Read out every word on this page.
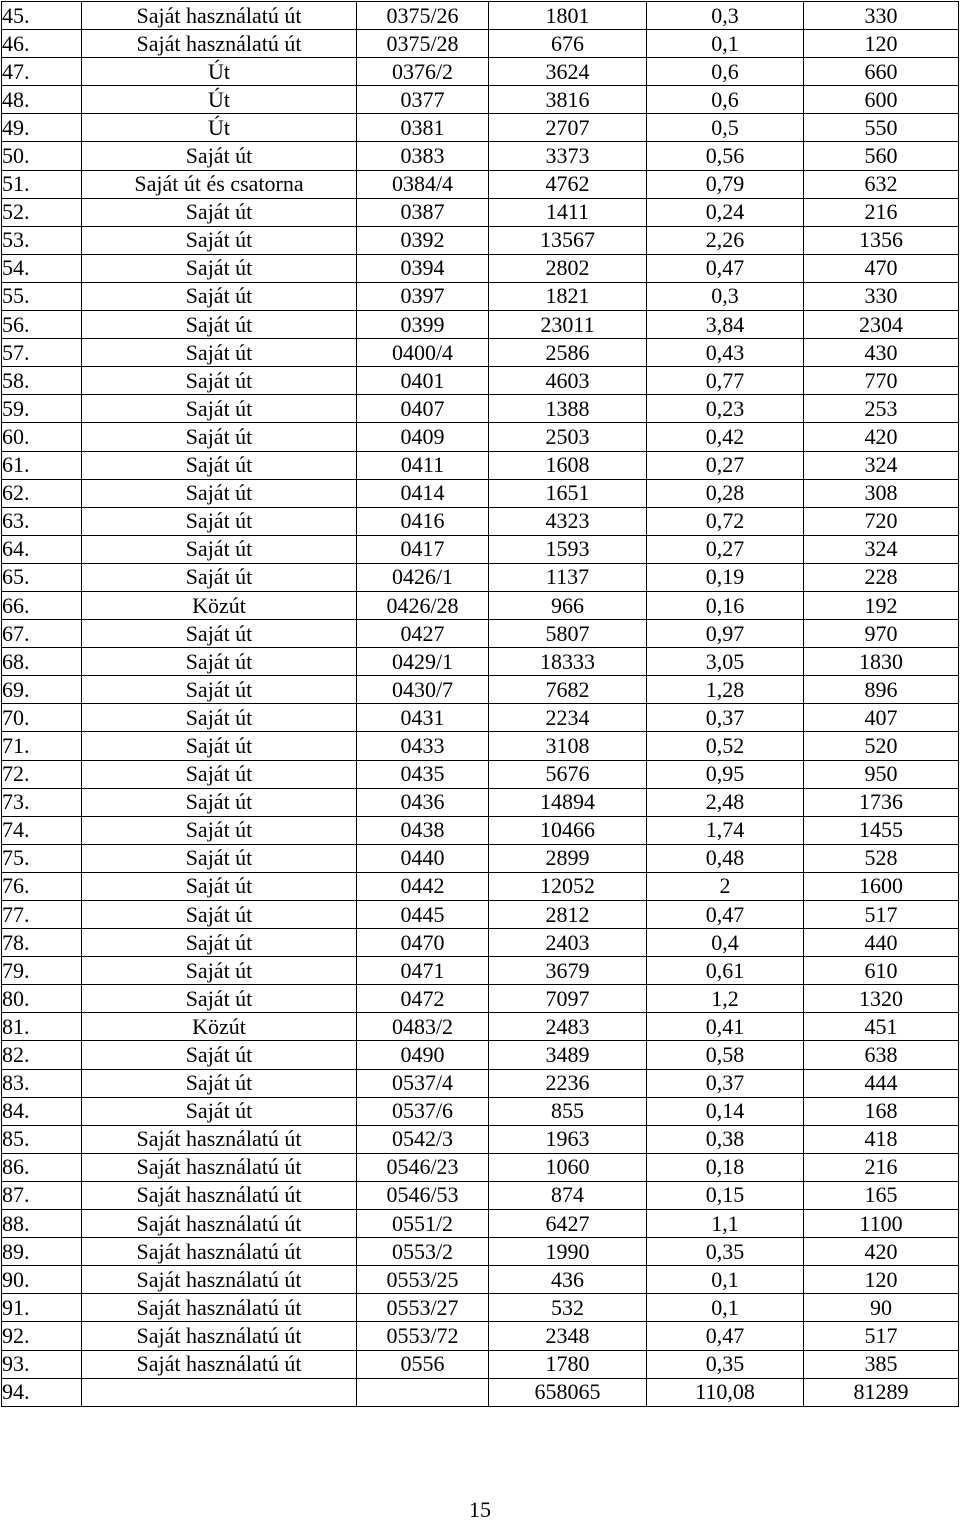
45.	Saját használatú út	0375/26	1801	0,3	330
46.	Saját használatú út	0375/28	676	0,1	120
47.	Út	0376/2	3624	0,6	660
48.	Út	0377	3816	0,6	600
49.	Út	0381	2707	0,5	550
50.	Saját út	0383	3373	0,56	560
51.	Saját út és csatorna	0384/4	4762	0,79	632
52.	Saját út	0387	1411	0,24	216
53.	Saját út	0392	13567	2,26	1356
54.	Saját út	0394	2802	0,47	470
55.	Saját út	0397	1821	0,3	330
56.	Saját út	0399	23011	3,84	2304
57.	Saját út	0400/4	2586	0,43	430
58.	Saját út	0401	4603	0,77	770
59.	Saját út	0407	1388	0,23	253
60.	Saját út	0409	2503	0,42	420
61.	Saját út	0411	1608	0,27	324
62.	Saját út	0414	1651	0,28	308
63.	Saját út	0416	4323	0,72	720
64.	Saját út	0417	1593	0,27	324
65.	Saját út	0426/1	1137	0,19	228
66.	Közút	0426/28	966	0,16	192
67.	Saját út	0427	5807	0,97	970
68.	Saját út	0429/1	18333	3,05	1830
69.	Saját út	0430/7	7682	1,28	896
70.	Saját út	0431	2234	0,37	407
71.	Saját út	0433	3108	0,52	520
72.	Saját út	0435	5676	0,95	950
73.	Saját út	0436	14894	2,48	1736
74.	Saját út	0438	10466	1,74	1455
75.	Saját út	0440	2899	0,48	528
76.	Saját út	0442	12052	2	1600
77.	Saját út	0445	2812	0,47	517
78.	Saját út	0470	2403	0,4	440
79.	Saját út	0471	3679	0,61	610
80.	Saját út	0472	7097	1,2	1320
81.	Közút	0483/2	2483	0,41	451
82.	Saját út	0490	3489	0,58	638
83.	Saját út	0537/4	2236	0,37	444
84.	Saját út	0537/6	855	0,14	168
85.	Saját használatú út	0542/3	1963	0,38	418
86.	Saját használatú út	0546/23	1060	0,18	216
87.	Saját használatú út	0546/53	874	0,15	165
88.	Saját használatú út	0551/2	6427	1,1	1100
89.	Saját használatú út	0553/2	1990	0,35	420
90.	Saját használatú út	0553/25	436	0,1	120
91.	Saját használatú út	0553/27	532	0,1	90
92.	Saját használatú út	0553/72	2348	0,47	517
93.	Saját használatú út	0556	1780	0,35	385
94.			658065	110,08	81289
15
